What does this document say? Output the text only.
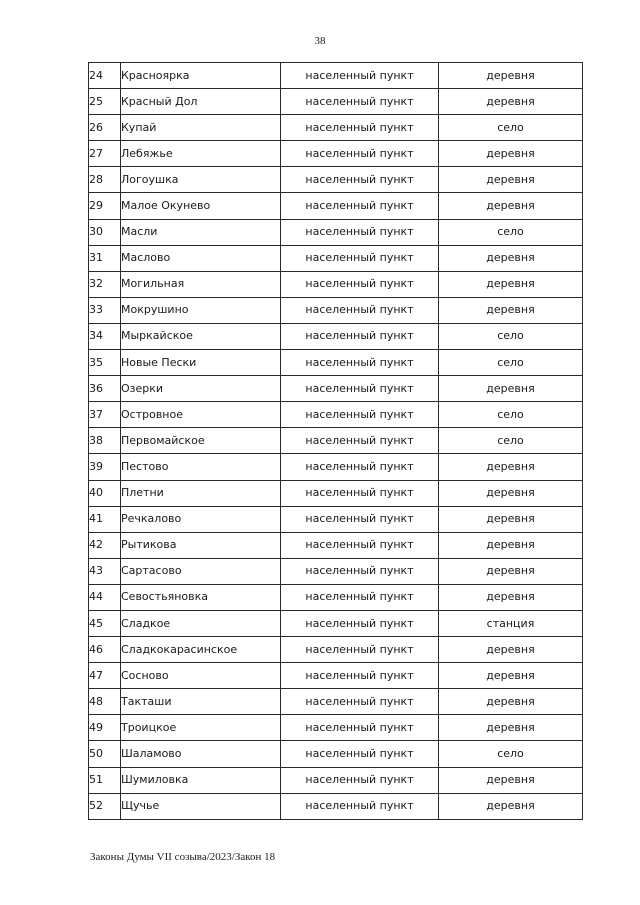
38
24	Красноярка	населенный пункт	деревня
25	Красный Дол	населенный пункт	деревня
26	Купай	населенный пункт	село
27	Лебяжье	населенный пункт	деревня
28	Логоушка	населенный пункт	деревня
29	Малое Окунево	населенный пункт	деревня
30	Масли	населенный пункт	село
31	Маслово	населенный пункт	деревня
32	Могильная	населенный пункт	деревня
33	Мокрушино	населенный пункт	деревня
34	Мыркайское	населенный пункт	село
35	Новые Пески	населенный пункт	село
36	Озерки	населенный пункт	деревня
37	Островное	населенный пункт	село
38	Первомайское	населенный пункт	село
39	Пестово	населенный пункт	деревня
40	Плетни	населенный пункт	деревня
41	Речкалово	населенный пункт	деревня
42	Рытикова	населенный пункт	деревня
43	Сартасово	населенный пункт	деревня
44	Севостьяновка	населенный пункт	деревня
45	Сладкое	населенный пункт	станция
46	Сладкокарасинское	населенный пункт	деревня
47	Сосново	населенный пункт	деревня
48	Такташи	населенный пункт	деревня
49	Троицкое	населенный пункт	деревня
50	Шаламово	населенный пункт	село
51	Шумиловка	населенный пункт	деревня
52	Щучье	населенный пункт	деревня
Законы Думы VII созыва/2023/Закон 18
